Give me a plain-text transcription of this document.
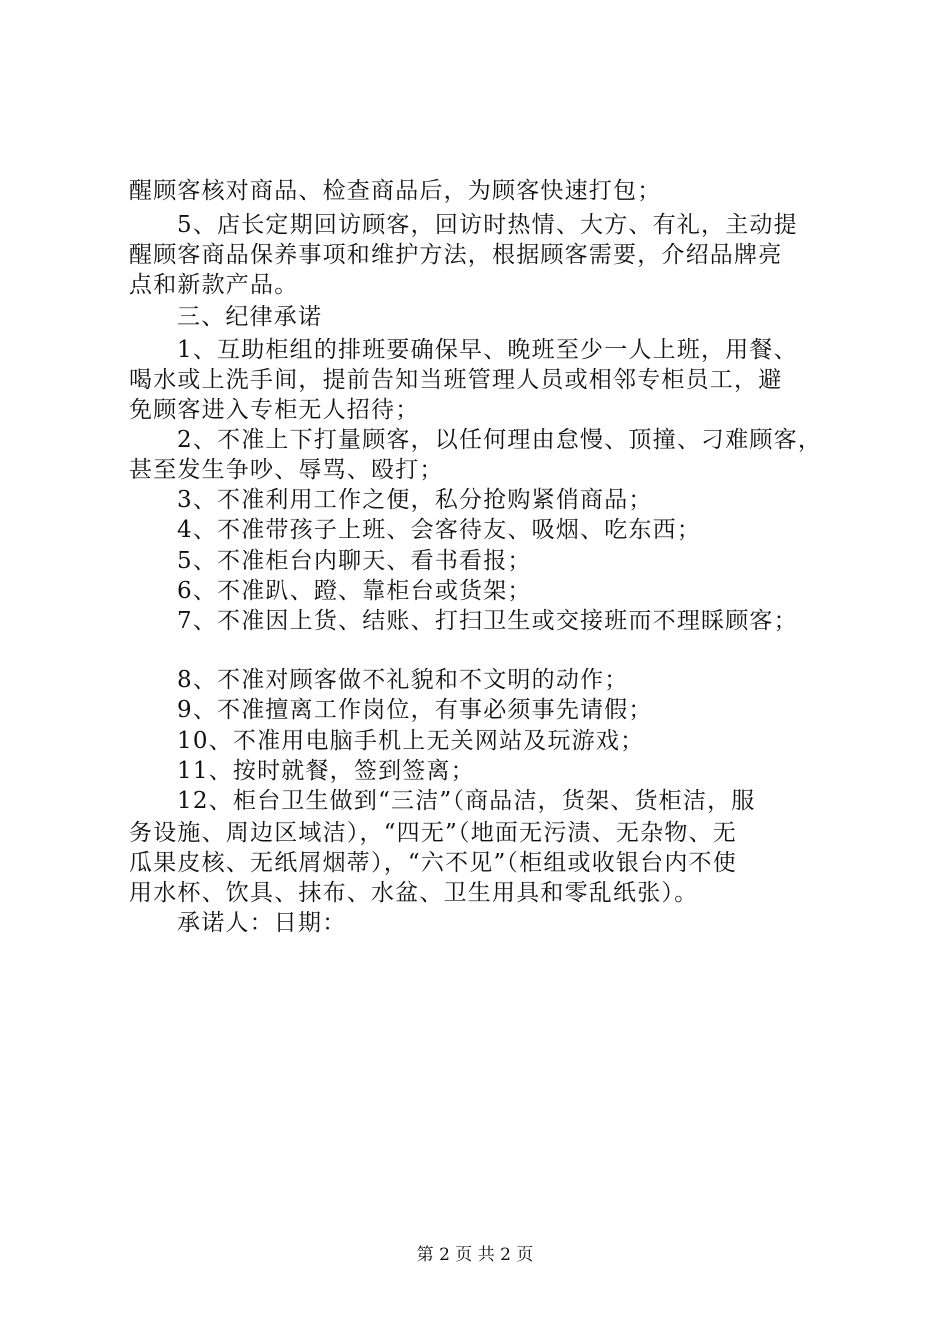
醒顾客核对商品、检查商品后，为顾客快速打包；
5、店长定期回访顾客，回访时热情、大方、有礼，主动提
醒顾客商品保养事项和维护方法，根据顾客需要，介绍品牌亮
点和新款产品。
三、纪律承诺
1、互助柜组的排班要确保早、晚班至少一人上班，用餐、
喝水或上洗手间，提前告知当班管理人员或相邻专柜员工，避
免顾客进入专柜无人招待；
2、不准上下打量顾客，以任何理由怠慢、顶撞、刁难顾客，
甚至发生争吵、辱骂、殴打；
3、不准利用工作之便，私分抢购紧俏商品；
4、不准带孩子上班、会客待友、吸烟、吃东西；
5、不准柜台内聊天、看书看报；
6、不准趴、蹬、靠柜台或货架；
7、不准因上货、结账、打扫卫生或交接班而不理睬顾客；
8、不准对顾客做不礼貌和不文明的动作；
9、不准擅离工作岗位，有事必须事先请假；
10、不准用电脑手机上无关网站及玩游戏；
11、按时就餐，签到签离；
12、柜台卫生做到“三洁”（商品洁，货架、货柜洁，服
务设施、周边区域洁），“四无”（地面无污渍、无杂物、无
瓜果皮核、无纸屑烟蒂），“六不见”（柜组或收银台内不使
用水杯、饮具、抹布、水盆、卫生用具和零乱纸张）。
承诺人：日期：
第 2 页 共 2 页
